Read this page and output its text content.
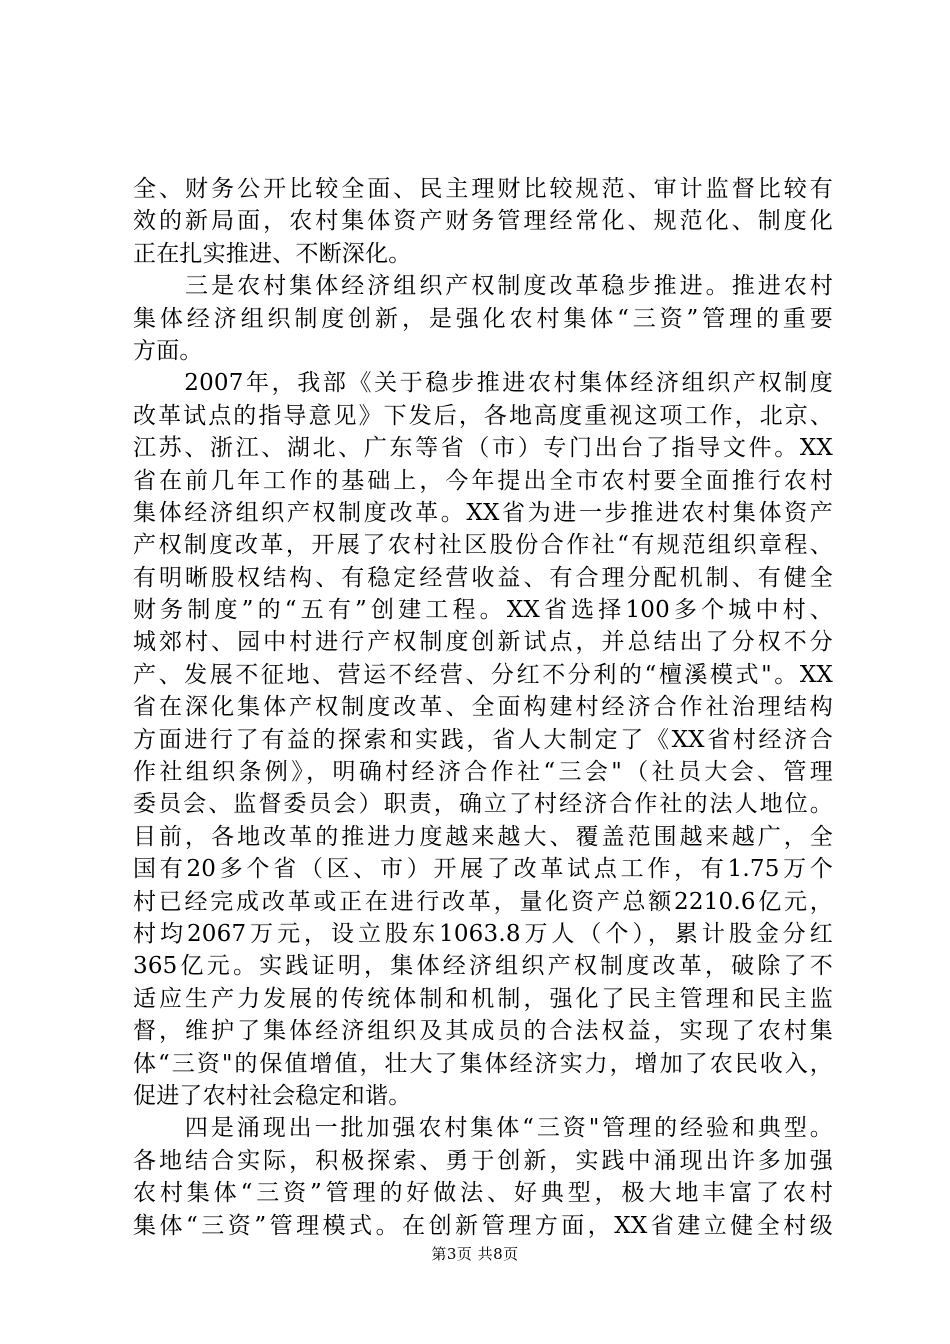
全、财务公开比较全面、民主理财比较规范、审计监督比较有
效的新局面，农村集体资产财务管理经常化、规范化、制度化
正在扎实推进、不断深化。
　　三是农村集体经济组织产权制度改革稳步推进。推进农村
集体经济组织制度创新，是强化农村集体“三资”管理的重要
方面。
　　2007年，我部《关于稳步推进农村集体经济组织产权制度
改革试点的指导意见》下发后，各地高度重视这项工作，北京、
江苏、浙江、湖北、广东等省（市）专门出台了指导文件。XX
省在前几年工作的基础上，今年提出全市农村要全面推行农村
集体经济组织产权制度改革。XX省为进一步推进农村集体资产
产权制度改革，开展了农村社区股份合作社“有规范组织章程、
有明晰股权结构、有稳定经营收益、有合理分配机制、有健全
财务制度”的“五有”创建工程。XX省选择100多个城中村、
城郊村、园中村进行产权制度创新试点，并总结出了分权不分
产、发展不征地、营运不经营、分红不分利的“檀溪模式"。XX
省在深化集体产权制度改革、全面构建村经济合作社治理结构
方面进行了有益的探索和实践，省人大制定了《XX省村经济合
作社组织条例》，明确村经济合作社“三会"（社员大会、管理
委员会、监督委员会）职责，确立了村经济合作社的法人地位。
目前，各地改革的推进力度越来越大、覆盖范围越来越广，全
国有20多个省（区、市）开展了改革试点工作，有1.75万个
村已经完成改革或正在进行改革，量化资产总额2210.6亿元，
村均2067万元，设立股东1063.8万人（个），累计股金分红
365亿元。实践证明，集体经济组织产权制度改革，破除了不
适应生产力发展的传统体制和机制，强化了民主管理和民主监
督，维护了集体经济组织及其成员的合法权益，实现了农村集
体“三资"的保值增值，壮大了集体经济实力，增加了农民收入，
促进了农村社会稳定和谐。
　　四是涌现出一批加强农村集体“三资"管理的经验和典型。
各地结合实际，积极探索、勇于创新，实践中涌现出许多加强
农村集体“三资”管理的好做法、好典型，极大地丰富了农村
集体“三资”管理模式。在创新管理方面，XX省建立健全村级
第3页 共8页
